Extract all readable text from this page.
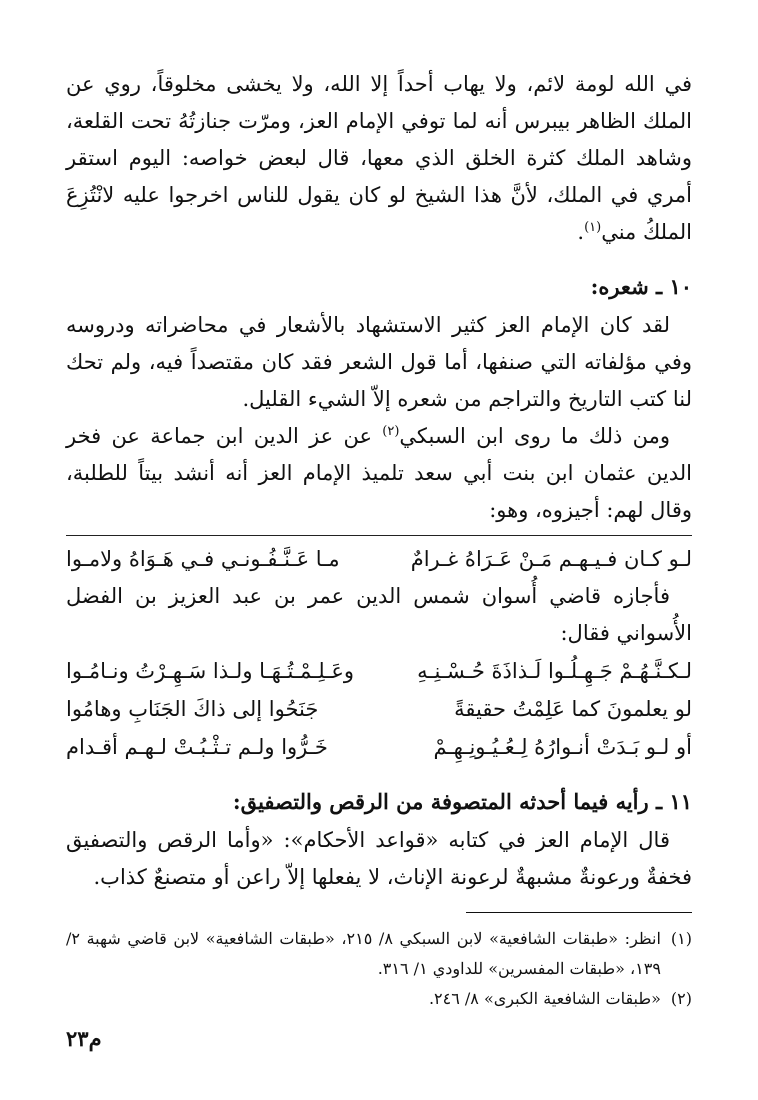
في الله لومة لائم، ولا يهاب أحداً إلا الله، ولا يخشى مخلوقاً، روي عن الملك الظاهر بيبرس أنه لما توفي الإمام العز، ومرّت جنازتُهُ تحت القلعة، وشاهد الملك كثرة الخلق الذي معها، قال لبعض خواصه: اليوم استقر أمري في الملك، لأنَّ هذا الشيخ لو كان يقول للناس اخرجوا عليه لانْتُزِعَ الملكُ مني$^{(١)}$.

١٠ ـ شعره:

لقد كان الإمام العز كثير الاستشهاد بالأشعار في محاضراته ودروسه وفي مؤلفاته التي صنفها، أما قول الشعر فقد كان مقتصداً فيه، ولم تحك لنا كتب التاريخ والتراجم من شعره إلاّ الشيء القليل.

ومن ذلك ما روى ابن السبكي$^{(٢)}$ عن عز الدين ابن جماعة عن فخر الدين عثمان ابن بنت أبي سعد تلميذ الإمام العز أنه أنشد بيتاً للطلبة، وقال لهم: أجيزوه، وهو:

لـو كـان فـيـهـم مَـنْ عَـرَاهُ غـرامٌ
مـا عَـنَّـفُـونـي فـي هَـوَاهُ ولامـوا

فأجازه قاضي أُسوان شمس الدين عمر بن عبد العزيز بن الفضل الأُسواني فقال:

لـكـنَّـهُـمْ جَـهِـلُـوا لَـذاذَةَ حُـسْـنِـهِ
وعَـلِـمْـتُـهَـا ولـذا سَـهِـرْتُ ونـامُـوا
لو يعلمونَ كما عَلِمْتُ حقيقةً
جَنَحُوا إلى ذاكَ الجَنَابِ وهامُوا
أو لـو بَـدَتْ أنـوارُهُ لِـعُـيُـونِـهِـمْ
خَـرُّوا ولـم تـثْـبُـتْ لـهـم أقـدام
١١ ـ رأيه فيما أحدثه المتصوفة من الرقص والتصفيق:

قال الإمام العز في كتابه «قواعد الأحكام»: «وأما الرقص والتصفيق فخفةٌ ورعونةٌ مشبهةٌ لرعونة الإناث، لا يفعلها إلاّ راعن أو متصنعٌ كذاب.

(١)
انظر: «طبقات الشافعية» لابن السبكي ٨/ ٢١٥، «طبقات الشافعية» لابن قاضي شهبة ٢/ ١٣٩، «طبقات المفسرين» للداودي ١/ ٣١٦.
(٢)
«طبقات الشافعية الكبرى» ٨/ ٢٤٦.
م٢٣
